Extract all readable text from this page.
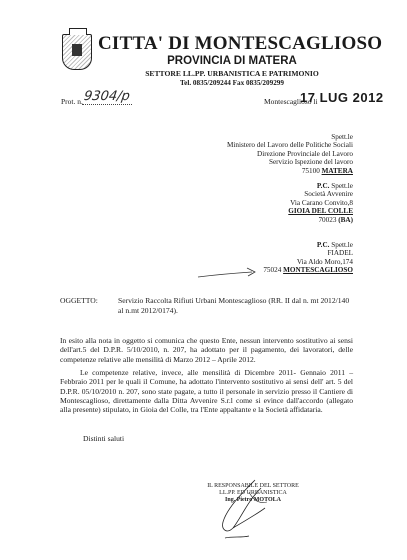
CITTA' DI MONTESCAGLIOSO
PROVINCIA DI MATERA
SETTORE LL.PP. URBANISTICA E PATRIMONIO
Tel. 0835/209244 Fax 0835/209299
Prot. n. 9304/p	Montescaglioso li
17 LUG 2012
Spett.le
Ministero del Lavoro delle Politiche Sociali
Direzione Provinciale del Lavoro
Servizio Ispezione del lavoro
75100 MATERA
P.C. Spett.le
Società Avvenire
Via Carano Convito,8
GIOIA DEL COLLE
70023 (BA)
P.C. Spett.le
FIADEL
Via Aldo Moro,174
75024 MONTESCAGLIOSO
OGGETTO:	Servizio Raccolta Rifiuti Urbani Montescaglioso (RR. II dal n. mt 2012/140 al n.mt 2012/0174).
In esito alla nota in oggetto si comunica che questo Ente, nessun intervento sostitutivo ai sensi dell'art.5 del D.P.R. 5/10/2010, n. 207, ha adottato per il pagamento, dei lavoratori, delle competenze relative alle mensilità di Marzo 2012 – Aprile 2012.
Le competenze relative, invece, alle mensilità di Dicembre 2011- Gennaio 2011 – Febbraio 2011 per le quali il Comune, ha adottato l'intervento sostitutivo ai sensi dell' art. 5 del D.P.R. 05/10/2010 n. 207, sono state pagate, a tutto il personale in servizio presso il Cantiere di Montescaglioso, direttamente dalla Ditta Avvenire S.r.l come si evince dall'accordo (allegato alla presente) stipulato, in Gioia del Colle, tra l'Ente appaltante e la Società affidataria.
Distinti saluti
IL RESPONSABILE DEL SETTORE
LL.PP. ED URBANISTICA
Ing. Pietro MOTOLA
